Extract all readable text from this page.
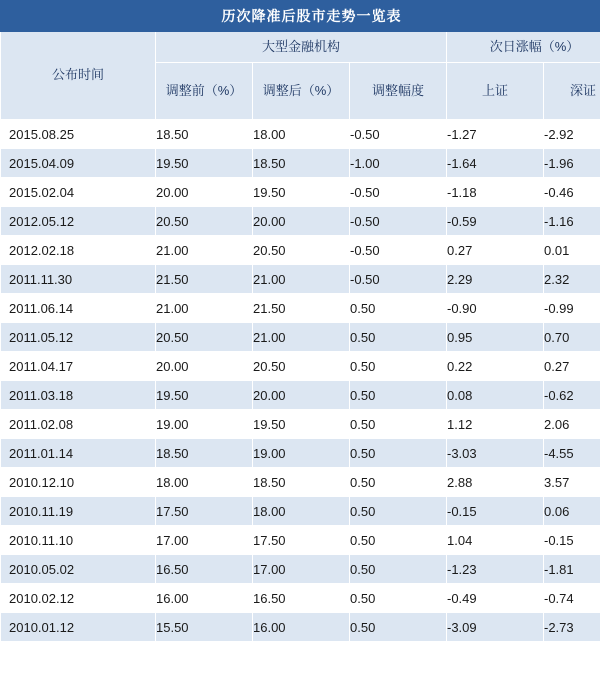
历次降准后股市走势一览表					
公布时间	大型金融机构			次日涨幅（%）	
	调整前（%）	调整后（%）	调整幅度	上证	深证
2015.08.25	18.50	18.00	-0.50	-1.27	-2.92
2015.04.09	19.50	18.50	-1.00	-1.64	-1.96
2015.02.04	20.00	19.50	-0.50	-1.18	-0.46
2012.05.12	20.50	20.00	-0.50	-0.59	-1.16
2012.02.18	21.00	20.50	-0.50	0.27	0.01
2011.11.30	21.50	21.00	-0.50	2.29	2.32
2011.06.14	21.00	21.50	0.50	-0.90	-0.99
2011.05.12	20.50	21.00	0.50	0.95	0.70
2011.04.17	20.00	20.50	0.50	0.22	0.27
2011.03.18	19.50	20.00	0.50	0.08	-0.62
2011.02.08	19.00	19.50	0.50	1.12	2.06
2011.01.14	18.50	19.00	0.50	-3.03	-4.55
2010.12.10	18.00	18.50	0.50	2.88	3.57
2010.11.19	17.50	18.00	0.50	-0.15	0.06
2010.11.10	17.00	17.50	0.50	1.04	-0.15
2010.05.02	16.50	17.00	0.50	-1.23	-1.81
2010.02.12	16.00	16.50	0.50	-0.49	-0.74
2010.01.12	15.50	16.00	0.50	-3.09	-2.73
